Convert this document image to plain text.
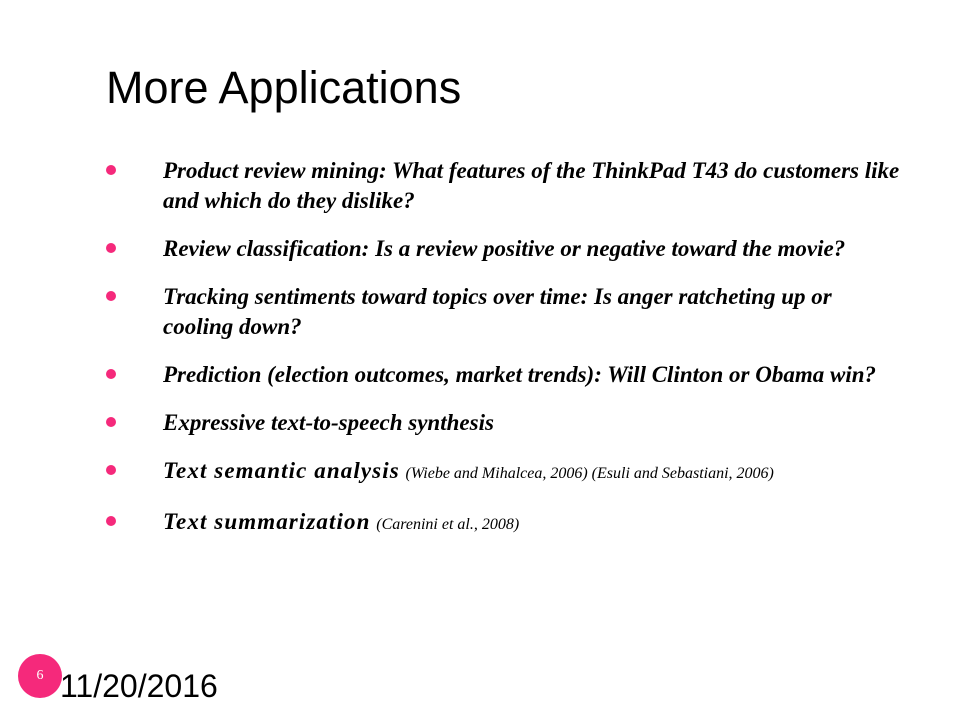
More Applications
Product review mining: What features of the ThinkPad T43 do customers like and which do they dislike?
Review classification: Is a review positive or negative toward the movie?
Tracking sentiments toward topics over time: Is anger ratcheting up or cooling down?
Prediction (election outcomes, market trends): Will Clinton or Obama win?
Expressive text-to-speech synthesis
Text semantic analysis (Wiebe and Mihalcea, 2006) (Esuli and Sebastiani, 2006)
Text summarization (Carenini et al., 2008)
6 11/20/2016
